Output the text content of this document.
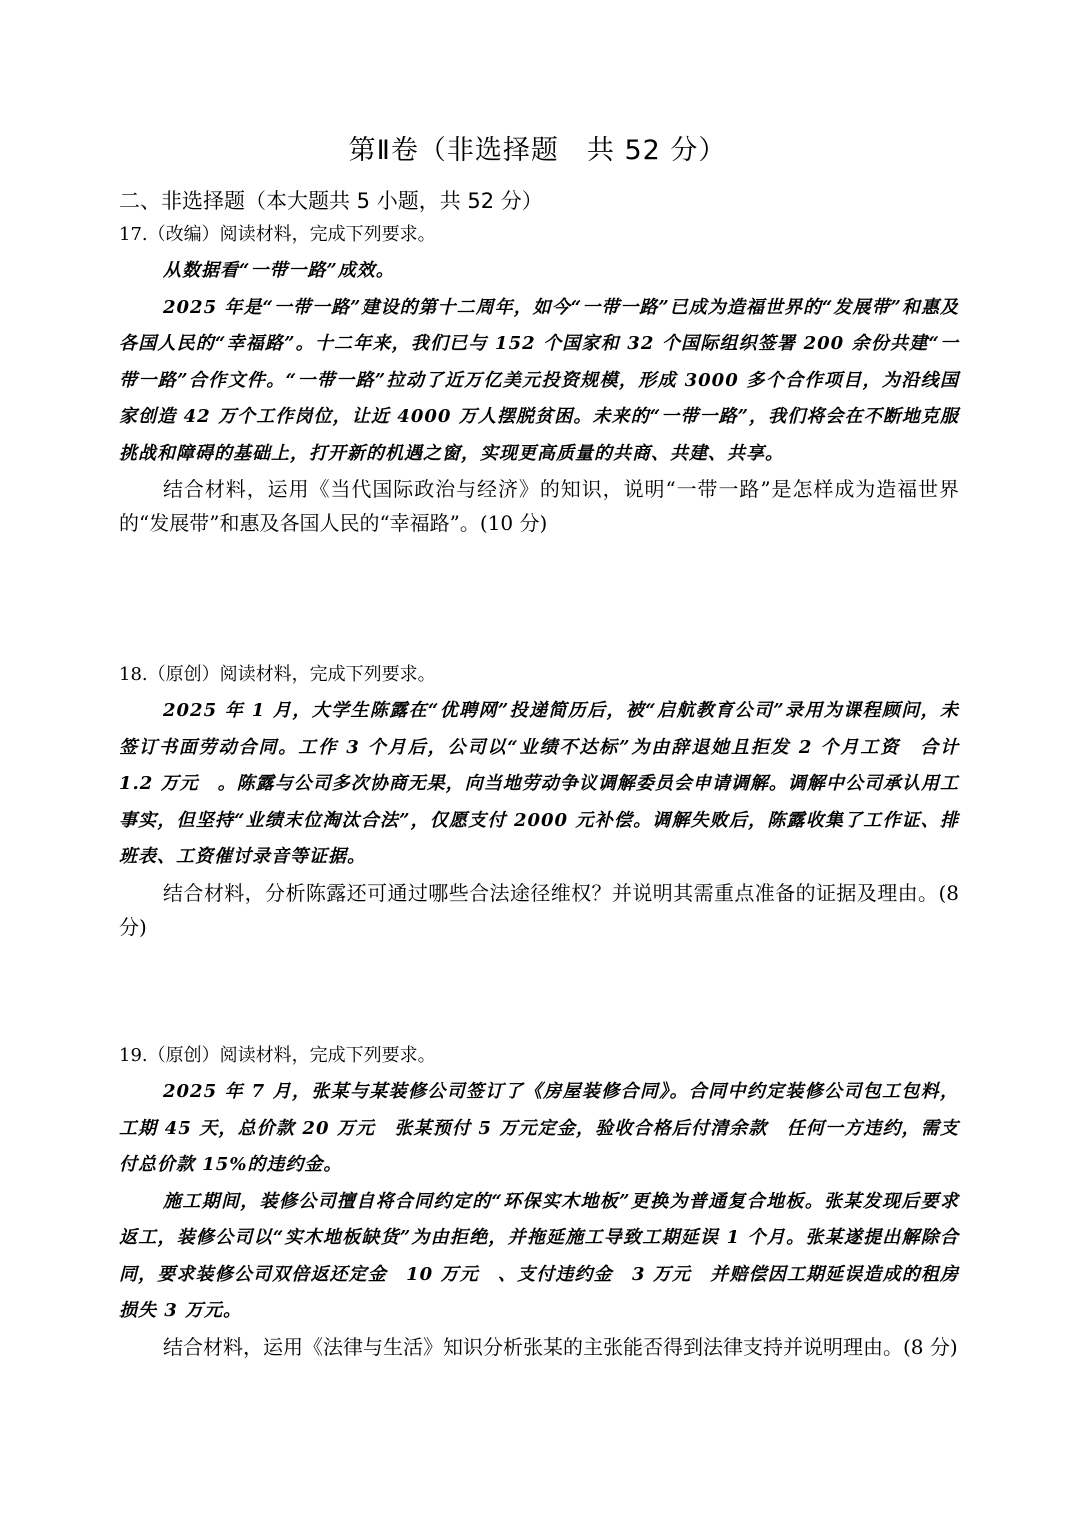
第Ⅱ卷（非选择题　共 52 分）
二、非选择题（本大题共 5 小题，共 52 分）

17.（改编）阅读材料，完成下列要求。

从数据看“一带一路”成效。

2025 年是“一带一路”建设的第十二周年，如今“一带一路”已成为造福世界的“发展带”和惠及各国人民的“幸福路”。十二年来，我们已与 152 个国家和 32 个国际组织签署 200 余份共建“一带一路”合作文件。“一带一路”拉动了近万亿美元投资规模，形成 3000 多个合作项目，为沿线国家创造 42 万个工作岗位，让近 4000 万人摆脱贫困。未来的“一带一路”，我们将会在不断地克服挑战和障碍的基础上，打开新的机遇之窗，实现更高质量的共商、共建、共享。

结合材料，运用《当代国际政治与经济》的知识，说明“一带一路”是怎样成为造福世界的“发展带”和惠及各国人民的“幸福路”。(10 分)

18.（原创）阅读材料，完成下列要求。

2025 年 1 月，大学生陈露在“优聘网”投递简历后，被“启航教育公司”录用为课程顾问，未签订书面劳动合同。工作 3 个月后，公司以“业绩不达标”为由辞退她且拒发 2 个月工资　合计 1.2 万元　。陈露与公司多次协商无果，向当地劳动争议调解委员会申请调解。调解中公司承认用工事实，但坚持“业绩末位淘汰合法”，仅愿支付 2000 元补偿。调解失败后，陈露收集了工作证、排班表、工资催讨录音等证据。

结合材料，分析陈露还可通过哪些合法途径维权？并说明其需重点准备的证据及理由。(8 分)

19.（原创）阅读材料，完成下列要求。

2025 年 7 月，张某与某装修公司签订了《房屋装修合同》。合同中约定装修公司包工包料，工期 45 天，总价款 20 万元　张某预付 5 万元定金，验收合格后付清余款　任何一方违约，需支付总价款 15%的违约金。

施工期间，装修公司擅自将合同约定的“环保实木地板”更换为普通复合地板。张某发现后要求返工，装修公司以“实木地板缺货”为由拒绝，并拖延施工导致工期延误 1 个月。张某遂提出解除合同，要求装修公司双倍返还定金　10 万元　、支付违约金　3 万元　并赔偿因工期延误造成的租房损失 3 万元。

结合材料，运用《法律与生活》知识分析张某的主张能否得到法律支持并说明理由。(8 分)
